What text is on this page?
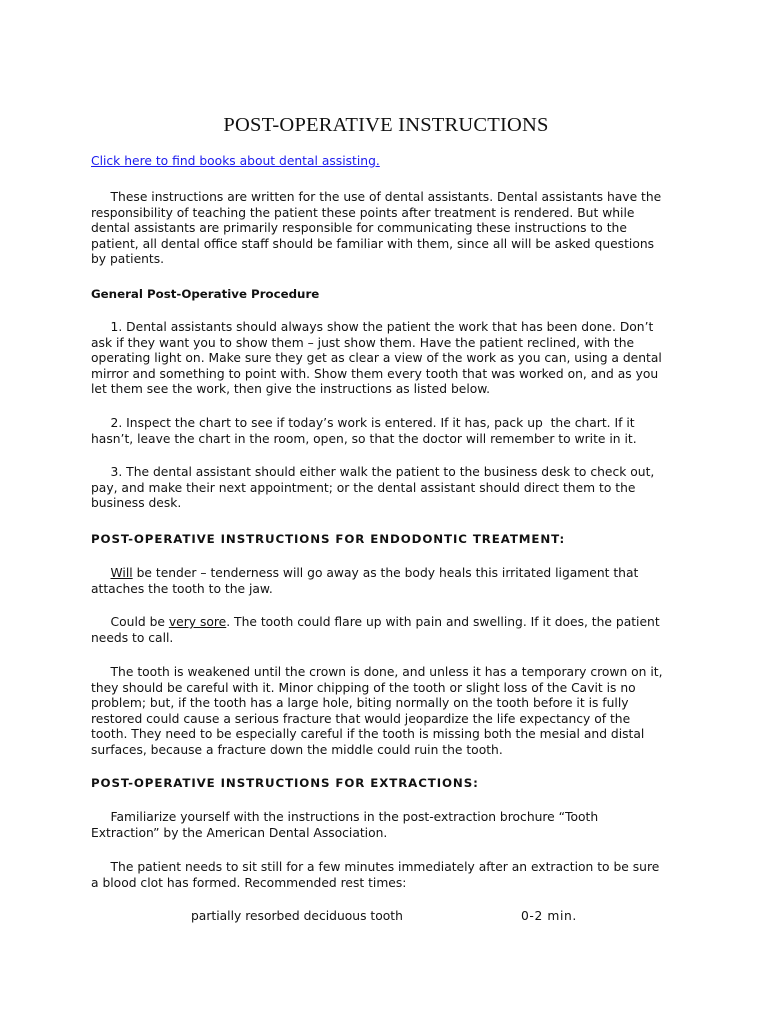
POST-OPERATIVE INSTRUCTIONS
Click here to find books about dental assisting.
These instructions are written for the use of dental assistants. Dental assistants have the
responsibility of teaching the patient these points after treatment is rendered. But while
dental assistants are primarily responsible for communicating these instructions to the
patient, all dental office staff should be familiar with them, since all will be asked questions
by patients.
General Post-Operative Procedure
1. Dental assistants should always show the patient the work that has been done. Don’t
ask if they want you to show them – just show them. Have the patient reclined, with the
operating light on. Make sure they get as clear a view of the work as you can, using a dental
mirror and something to point with. Show them every tooth that was worked on, and as you
let them see the work, then give the instructions as listed below.
2. Inspect the chart to see if today’s work is entered. If it has, pack up  the chart. If it
hasn’t, leave the chart in the room, open, so that the doctor will remember to write in it.
3. The dental assistant should either walk the patient to the business desk to check out,
pay, and make their next appointment; or the dental assistant should direct them to the
business desk.
POST-OPERATIVE INSTRUCTIONS FOR ENDODONTIC TREATMENT:
Will be tender – tenderness will go away as the body heals this irritated ligament that
attaches the tooth to the jaw.
Could be very sore. The tooth could flare up with pain and swelling. If it does, the patient
needs to call.
The tooth is weakened until the crown is done, and unless it has a temporary crown on it,
they should be careful with it. Minor chipping of the tooth or slight loss of the Cavit is no
problem; but, if the tooth has a large hole, biting normally on the tooth before it is fully
restored could cause a serious fracture that would jeopardize the life expectancy of the
tooth. They need to be especially careful if the tooth is missing both the mesial and distal
surfaces, because a fracture down the middle could ruin the tooth.
POST-OPERATIVE INSTRUCTIONS FOR EXTRACTIONS:
Familiarize yourself with the instructions in the post-extraction brochure “Tooth
Extraction” by the American Dental Association.
The patient needs to sit still for a few minutes immediately after an extraction to be sure
a blood clot has formed. Recommended rest times:
partially resorbed deciduous tooth	0-2 min.
